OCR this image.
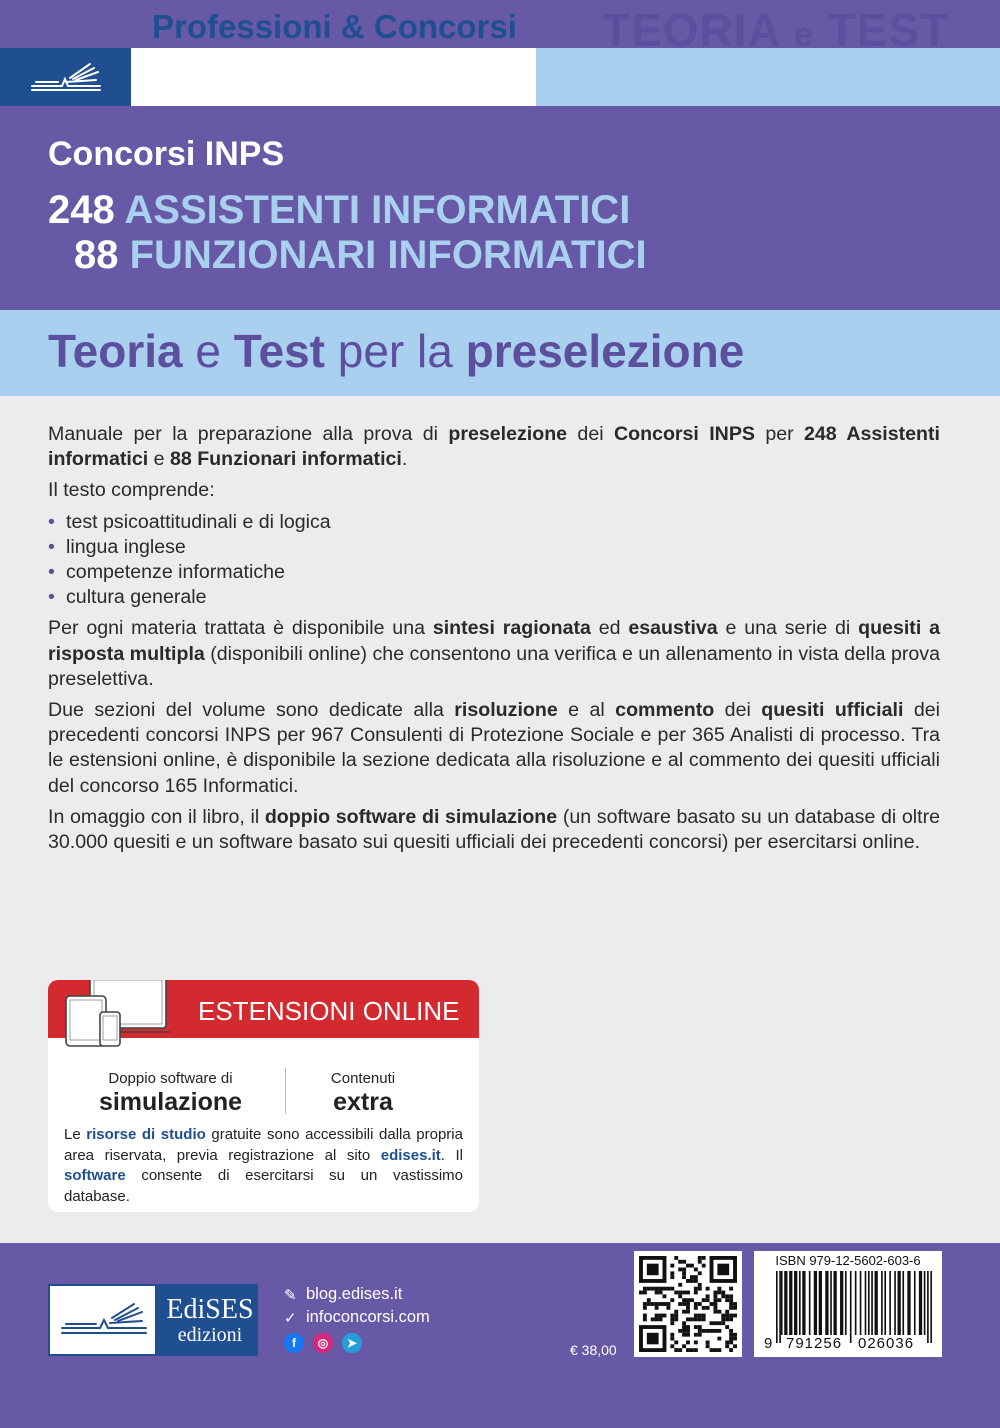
Professioni & Concorsi TEORIA e TEST
Concorsi INPS
248 ASSISTENTI INFORMATICI
88 FUNZIONARI INFORMATICI
Teoria e Test per la preselezione

Manuale per la preparazione alla prova di preselezione dei Concorsi INPS per 248 Assistenti informatici e 88 Funzionari informatici.

Il testo comprende:

• test psicoattitudinali e di logica
• lingua inglese
• competenze informatiche
• cultura generale

Per ogni materia trattata è disponibile una sintesi ragionata ed esaustiva e una serie di quesiti a risposta multipla (disponibili online) che consentono una verifica e un allenamento in vista della prova preselettiva.

Due sezioni del volume sono dedicate alla risoluzione e al commento dei quesiti ufficiali dei precedenti concorsi INPS per 967 Consulenti di Protezione Sociale e per 365 Analisti di processo. Tra le estensioni online, è disponibile la sezione dedicata alla risoluzione e al commento dei quesiti ufficiali del concorso 165 Informatici.

In omaggio con il libro, il doppio software di simulazione (un software basato su un database di oltre 30.000 quesiti e un software basato sui quesiti ufficiali dei precedenti concorsi) per esercitarsi online.

ESTENSIONI ONLINE
Doppio software di
simulazione
Contenuti
extra
Le risorse di studio gratuite sono accessibili dalla propria area riservata, previa registrazione al sito edises.it. Il software consente di esercitarsi su un vastissimo database.
EdiSES
edizioni
✎ blog.edises.it
✓ infoconcorsi.com
f	◎	➤	€ 38,00
ISBN 979-12-5602-603-6
9 791256 026036
